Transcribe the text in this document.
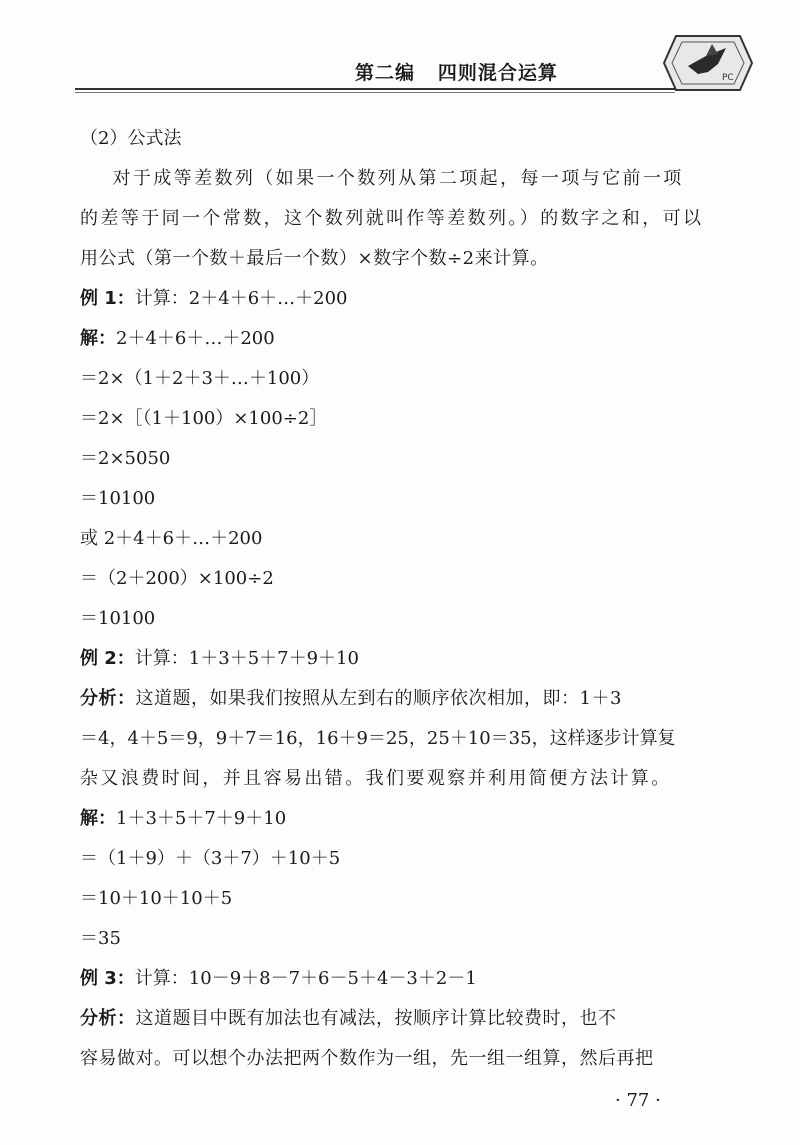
第二编   四则混合运算	PC
（2）公式法
对于成等差数列（如果一个数列从第二项起，每一项与它前一项
的差等于同一个常数，这个数列就叫作等差数列。）的数字之和，可以
用公式（第一个数＋最后一个数）×数字个数÷2来计算。
例 1：计算：2＋4＋6＋…＋200
解：2＋4＋6＋…＋200
＝2×（1＋2＋3＋…＋100）
＝2×［（1＋100）×100÷2］
＝2×5050
＝10100
或 2＋4＋6＋…＋200
＝（2＋200）×100÷2
＝10100
例 2：计算：1＋3＋5＋7＋9＋10
分析：这道题，如果我们按照从左到右的顺序依次相加，即：1＋3
＝4，4＋5＝9，9＋7＝16，16＋9＝25，25＋10＝35，这样逐步计算复
杂又浪费时间，并且容易出错。我们要观察并利用简便方法计算。
解：1＋3＋5＋7＋9＋10
＝（1＋9）＋（3＋7）＋10＋5
＝10＋10＋10＋5
＝35
例 3：计算：10－9＋8－7＋6－5＋4－3＋2－1
分析：这道题目中既有加法也有减法，按顺序计算比较费时，也不
容易做对。可以想个办法把两个数作为一组，先一组一组算，然后再把
· 77 ·
